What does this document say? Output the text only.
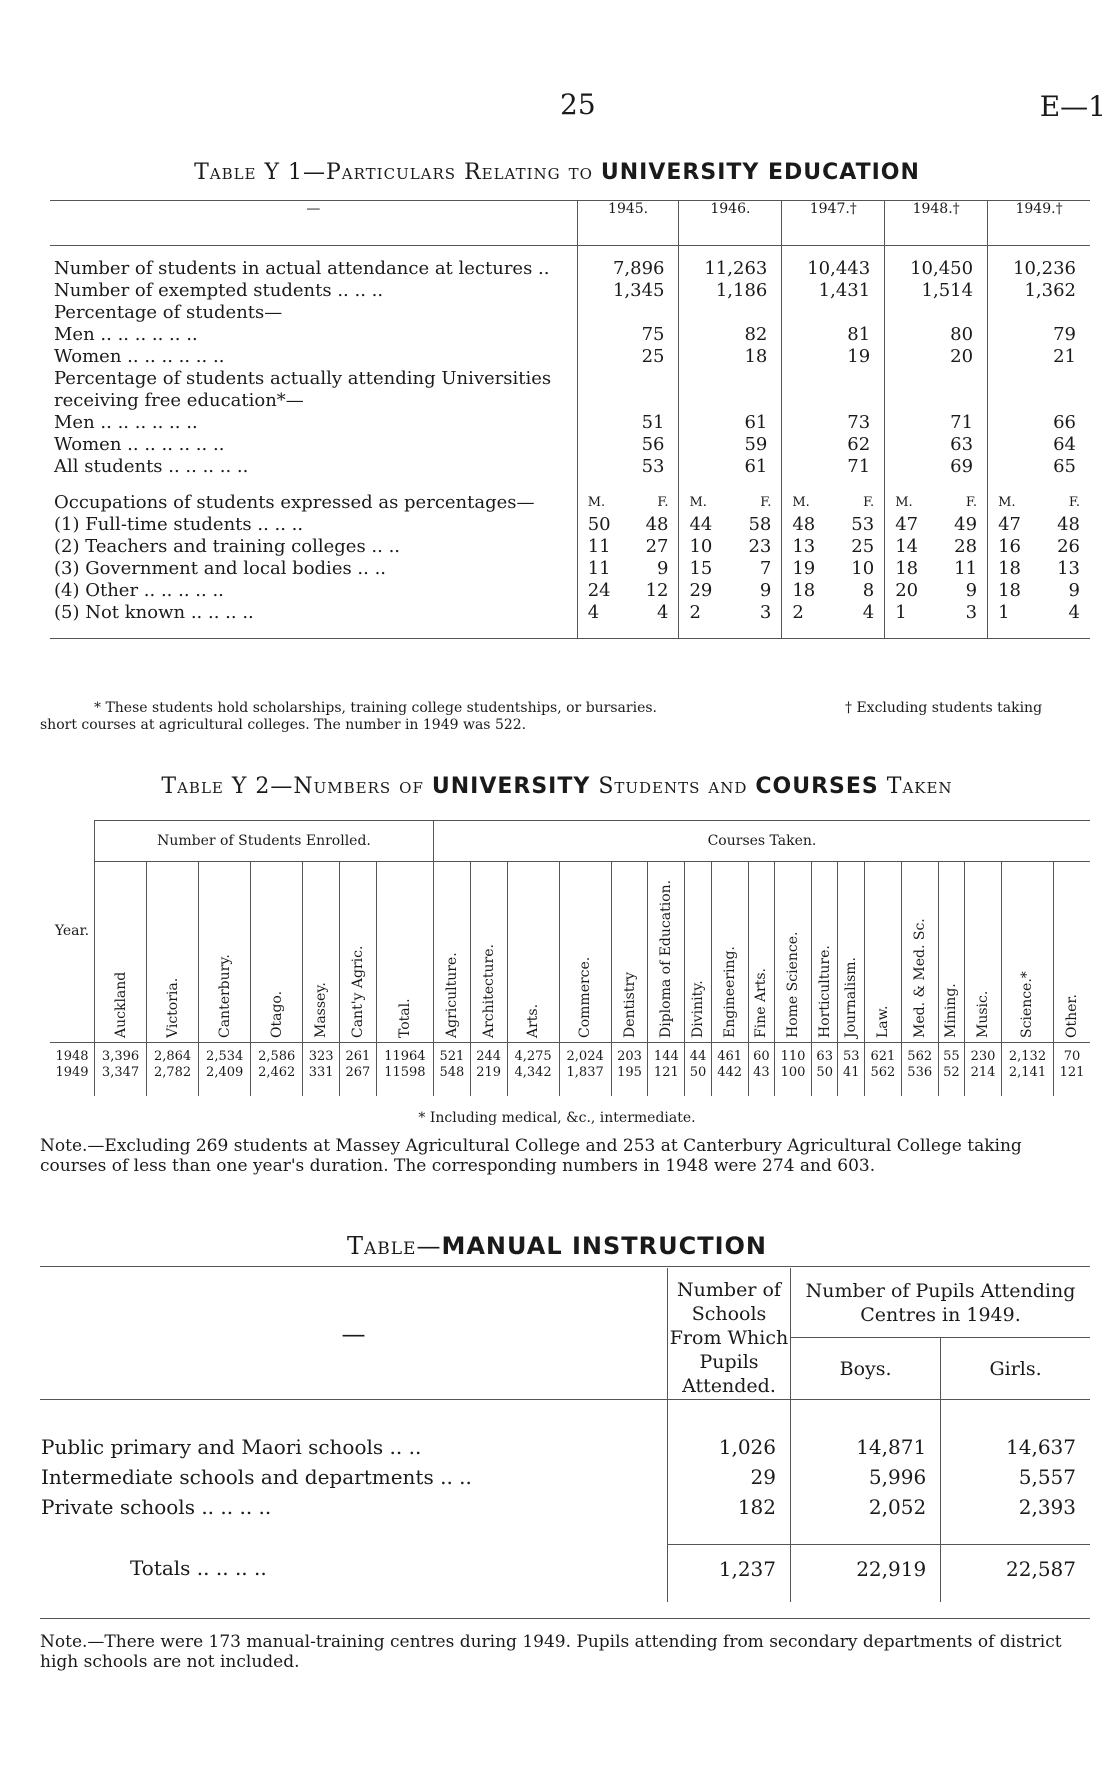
25	E—1
Table Y 1—Particulars Relating to UNIVERSITY EDUCATION
—	1945.	1946.	1947.†	1948.†	1949.†
Number of students in actual attendance at lectures ..	7,896	11,263	10,443	10,450	10,236
Number of exempted students .. .. ..	1,345	1,186	1,431	1,514	1,362
Percentage of students—					
Men .. .. .. .. .. ..	75	82	81	80	79
Women .. .. .. .. .. ..	25	18	19	20	21
Percentage of students actually attending Universities					
receiving free education*—					
Men .. .. .. .. .. ..	51	61	73	71	66
Women .. .. .. .. .. ..	56	59	62	63	64
All students .. .. .. .. ..	53	61	71	69	65
Occupations of students expressed as percentages—	M. F.	M. F.	M. F.	M. F.	M. F.

(1) Full-time students .. .. ..	50 48	44 58	48 53	47 49	47 48

(2) Teachers and training colleges .. ..	11 27	10 23	13 25	14 28	16 26

(3) Government and local bodies .. ..	11 9	15 7	19 10	18 11	18 13

(4) Other .. .. .. .. ..	24 12	29 9	18 8	20 9	18 9

(5) Not known .. .. .. ..	4 4	2 3	2 4	1 3	1 4

* These students hold scholarships, training college studentships, or bursaries.	† Excluding students taking
short courses at agricultural colleges. The number in 1949 was 522.
Table Y 2—Numbers of UNIVERSITY Students and COURSES Taken
Year.	Number of Students Enrolled.							Courses Taken.																	
	Auckland	Victoria.	Canterbury.	Otago.	Massey.	Cant'y Agric.	Total.	Agriculture.	Architecture.	Arts.	Commerce.	Dentistry	Diploma of Education.	Divinity.	Engineering.	Fine Arts.	Home Science.	Horticulture.	Journalism.	Law.	Med. & Med. Sc.	Mining.	Music.	Science.*	Other.
1948	3,396	2,864	2,534	2,586	323	261	11964	521	244	4,275	2,024	203	144	44	461	60	110	63	53	621	562	55	230	2,132	70
1949	3,347	2,782	2,409	2,462	331	267	11598	548	219	4,342	1,837	195	121	50	442	43	100	50	41	562	536	52	214	2,141	121
* Including medical, &c., intermediate.
Note.—Excluding 269 students at Massey Agricultural College and 253 at Canterbury Agricultural College taking courses of less than one year's duration. The corresponding numbers in 1948 were 274 and 603.
Table—MANUAL INSTRUCTION
—	Number of Schools From Which Pupils Attended.	Number of Pupils Attending Centres in 1949.	
		Boys.	Girls.

Public primary and Maori schools .. ..	1,026	14,871	14,637
Intermediate schools and departments .. ..	29	5,996	5,557
Private schools .. .. .. ..	182	2,052	2,393

Totals .. .. .. ..	1,237	22,919	22,587

Note.—There were 173 manual-training centres during 1949. Pupils attending from secondary departments of district high schools are not included.
